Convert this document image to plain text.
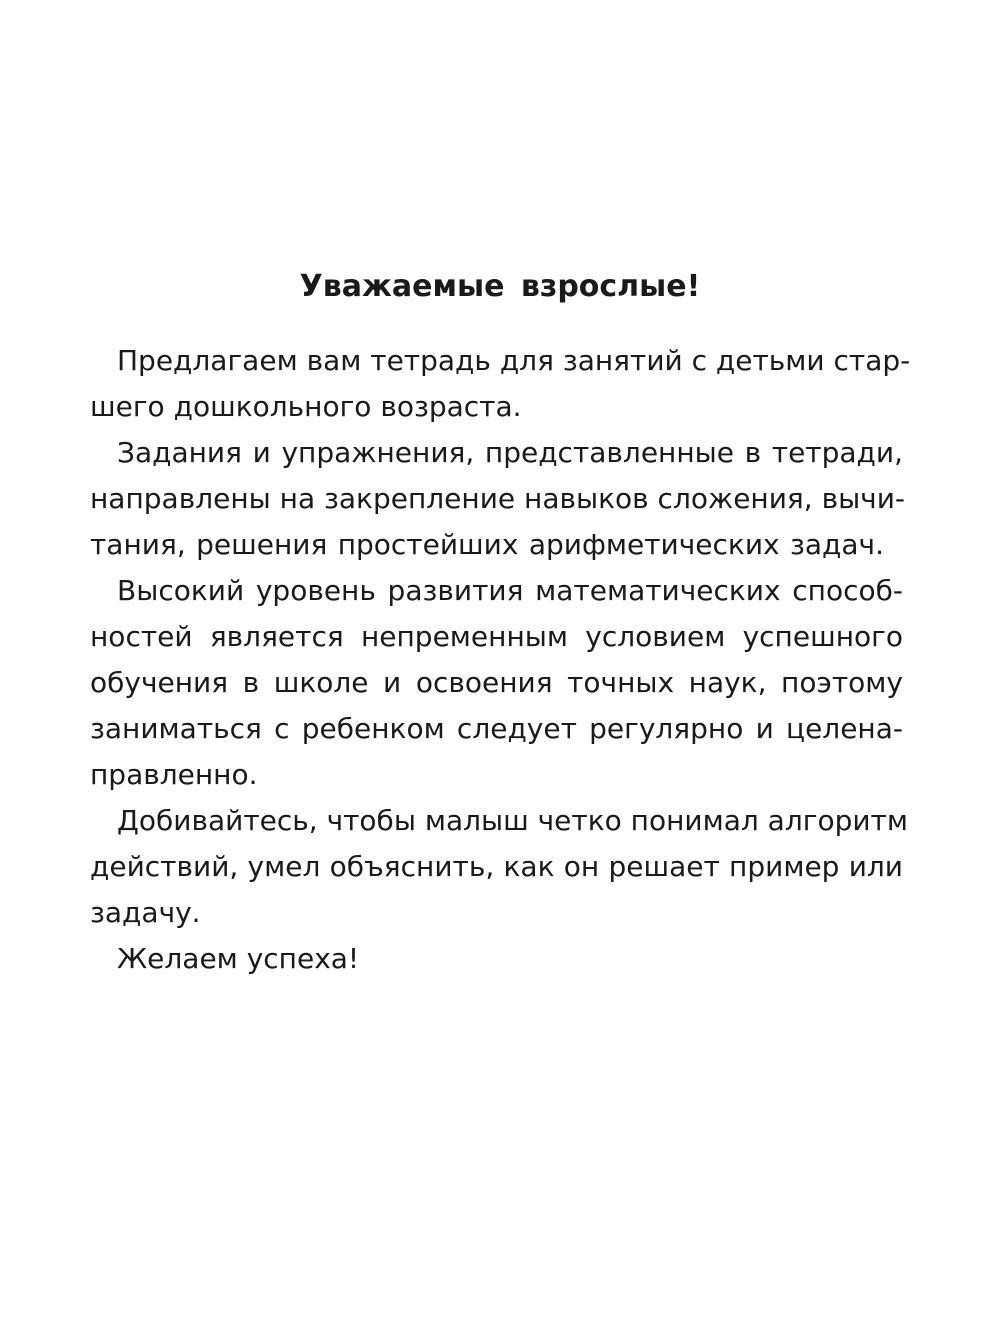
Уважаемые взрослые!

Предлагаем вам тетрадь для занятий с детьми стар-

шего дошкольного возраста.

Задания и упражнения, представленные в тетради,

направлены на закрепление навыков сложения, вычи-

тания, решения простейших арифметических задач.

Высокий уровень развития математических способ-

ностей является непременным условием успешного

обучения в школе и освоения точных наук, поэтому

заниматься с ребенком следует регулярно и целена-

правленно.

Добивайтесь, чтобы малыш четко понимал алгоритм

действий, умел объяснить, как он решает пример или

задачу.

Желаем успеха!
